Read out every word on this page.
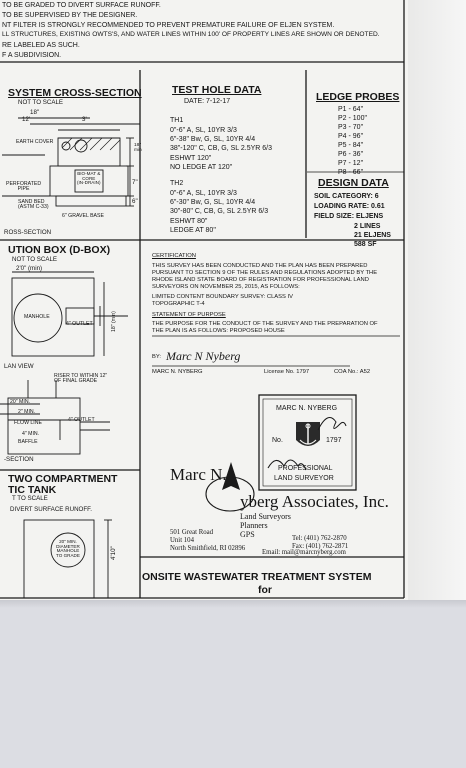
TO BE GRADED TO DIVERT SURFACE RUNOFF.
TO BE SUPERVISED BY THE DESIGNER.
NT FILTER IS STRONGLY RECOMMENDED TO PREVENT PREMATURE FAILURE OF ELJEN SYSTEM.
LL STRUCTURES, EXISTING OWTS'S, AND WATER LINES WITHIN 100' OF PROPERTY LINES ARE SHOWN OR DENOTED.
RE LABELED AS SUCH.
F A SUBDIVISION.
SYSTEM CROSS-SECTION
NOT TO SCALE
18"
12'	3'
EARTH COVER
PERFORATED
PIPE
BIO-MAT &
CORE
(IN-DRAIN)
SAND BED
(ASTM C-33)
6" GRAVEL BASE
18"
min
7"
6"
ROSS-SECTION
UTION BOX (D-BOX)
NOT TO SCALE
2'0" (min)
MANHOLE
4" OUTLET	18" (min)
LAN VIEW
RISER TO WITHIN 12"
OF FINAL GRADE
20" MIN.
2" MIN.
FLOW LINE	4" OUTLET
4" MIN.
BAFFLE
-SECTION
TWO COMPARTMENT
TIC TANK
T TO SCALE
DIVERT SURFACE RUNOFF.
20" MIN.
DIAMETER
MANHOLE
TO GRADE	4'10"
TEST HOLE DATA
DATE: 7-12-17
TH1
0"-6" A, SL, 10YR 3/3
6"-38" Bw, G, SL, 10YR 4/4
38"-120" C, CB, G, SL 2.5YR 6/3
ESHWT 120"
NO LEDGE AT 120"
TH2
0"-6" A, SL, 10YR 3/3
6"-30" Bw, G, SL, 10YR 4/4
30"-80" C, CB, G, SL 2.5YR 6/3
ESHWT 80"
LEDGE AT 80"
LEDGE PROBES
P1 - 64"
P2 - 100"
P3 - 70"
P4 - 96"
P5 - 84"
P6 - 36"
P7 - 12"
P8 - 66"
DESIGN DATA
SOIL CATEGORY: 6
LOADING RATE: 0.61
FIELD SIZE: ELJENS
2 LINES
21 ELJENS
588 SF
CERTIFICATION
THIS SURVEY HAS BEEN CONDUCTED AND THE PLAN HAS BEEN PREPARED
PURSUANT TO SECTION 9 OF THE RULES AND REGULATIONS ADOPTED BY THE
RHODE ISLAND STATE BOARD OF REGISTRATION FOR PROFESSIONAL LAND
SURVEYORS ON NOVEMBER 25, 2015, AS FOLLOWS:
LIMITED CONTENT BOUNDARY SURVEY: CLASS IV
TOPOGRAPHIC T-4
STATEMENT OF PURPOSE
THE PURPOSE FOR THE CONDUCT OF THE SURVEY AND THE PREPARATION OF
THE PLAN IS AS FOLLOWS: PROPOSED HOUSE
BY: Marc N Nyberg
MARC N. NYBERG	License No. 1797	COA No.: A52
MARC N. NYBERG
No.	1797
PROFESSIONAL
LAND SURVEYOR
Marc N.
N yberg Associates, Inc.
Land Surveyors
Planners
GPS
501 Great Road
Unit 104
North Smithfield, RI 02896
Tel: (401) 762-2870
Fax: (401) 762-2871
Email: mail@marcnyberg.com
ONSITE WASTEWATER TREATMENT SYSTEM
for
